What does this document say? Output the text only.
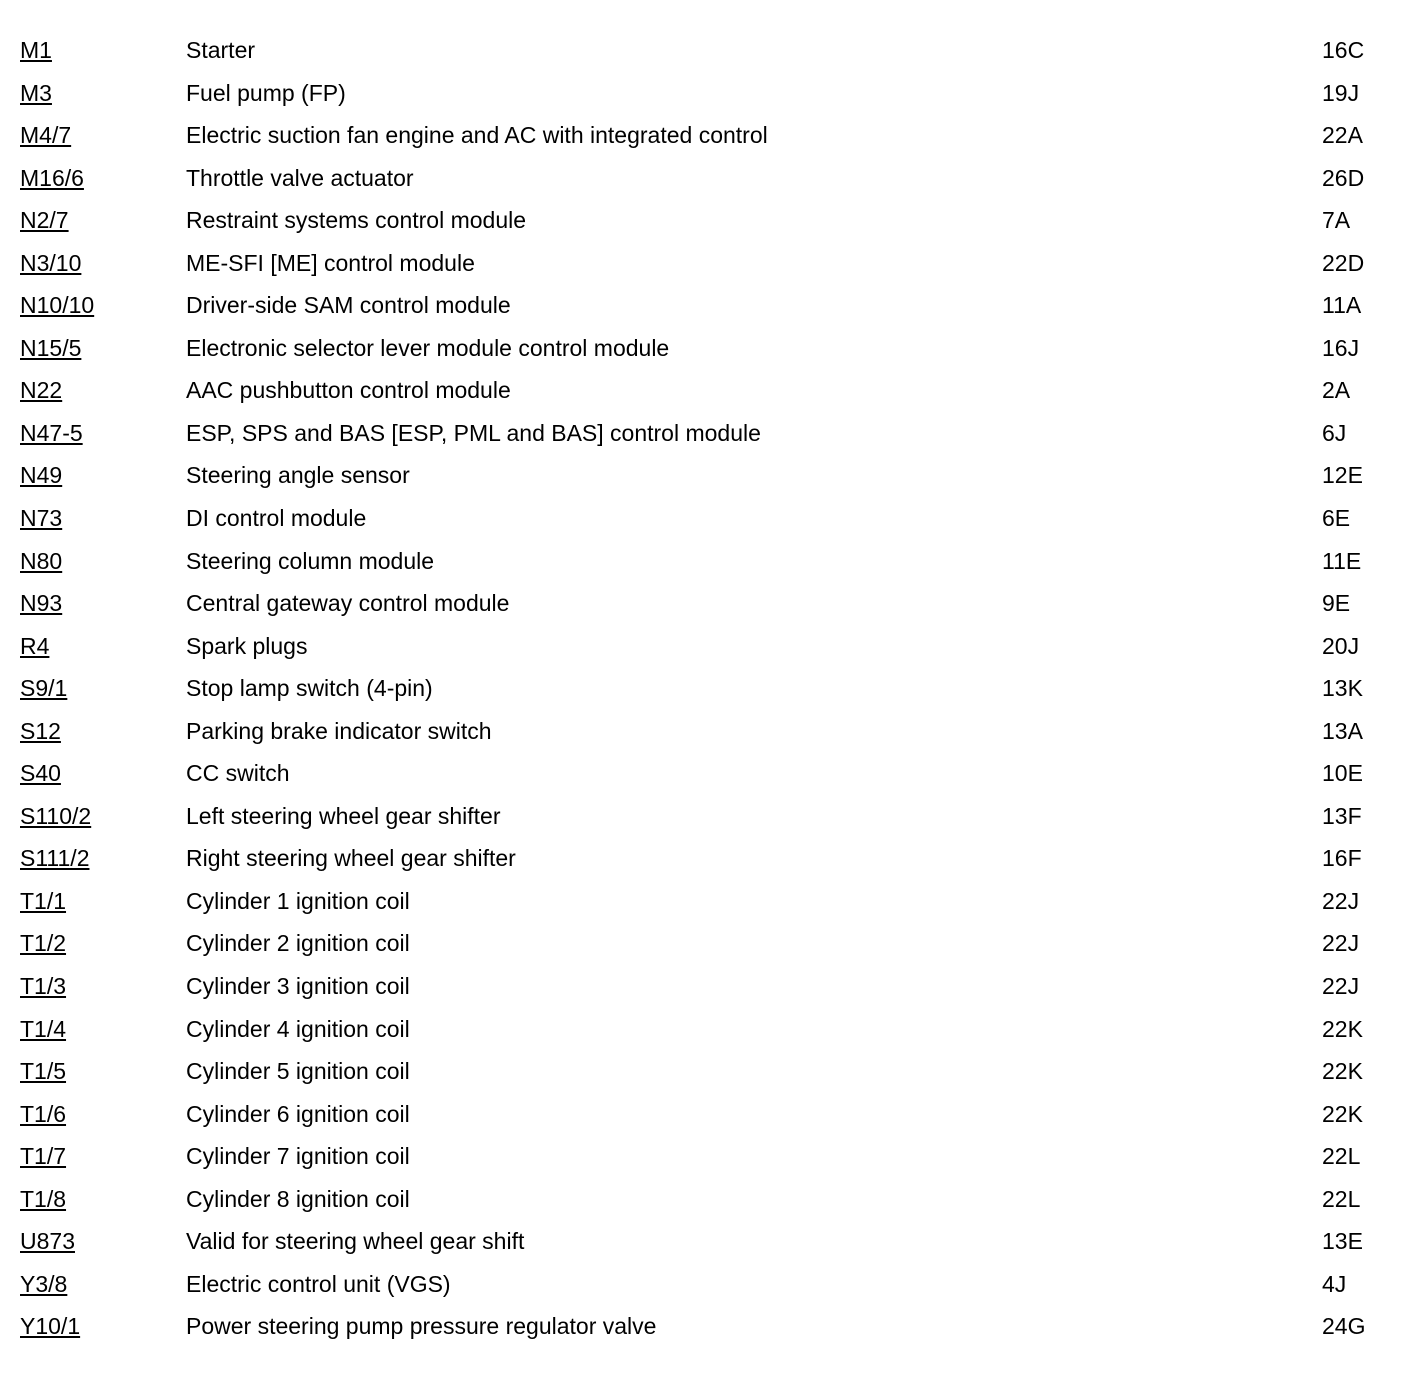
M1	Starter	16C
M3	Fuel pump (FP)	19J
M4/7	Electric suction fan engine and AC with integrated control	22A
M16/6	Throttle valve actuator	26D
N2/7	Restraint systems control module	7A
N3/10	ME-SFI [ME] control module	22D
N10/10	Driver-side SAM control module	11A
N15/5	Electronic selector lever module control module	16J
N22	AAC pushbutton control module	2A
N47-5	ESP, SPS and BAS [ESP, PML and BAS] control module	6J
N49	Steering angle sensor	12E
N73	DI control module	6E
N80	Steering column module	11E
N93	Central gateway control module	9E
R4	Spark plugs	20J
S9/1	Stop lamp switch (4-pin)	13K
S12	Parking brake indicator switch	13A
S40	CC switch	10E
S110/2	Left steering wheel gear shifter	13F
S111/2	Right steering wheel gear shifter	16F
T1/1	Cylinder 1 ignition coil	22J
T1/2	Cylinder 2 ignition coil	22J
T1/3	Cylinder 3 ignition coil	22J
T1/4	Cylinder 4 ignition coil	22K
T1/5	Cylinder 5 ignition coil	22K
T1/6	Cylinder 6 ignition coil	22K
T1/7	Cylinder 7 ignition coil	22L
T1/8	Cylinder 8 ignition coil	22L
U873	Valid for steering wheel gear shift	13E
Y3/8	Electric control unit (VGS)	4J
Y10/1	Power steering pump pressure regulator valve	24G
